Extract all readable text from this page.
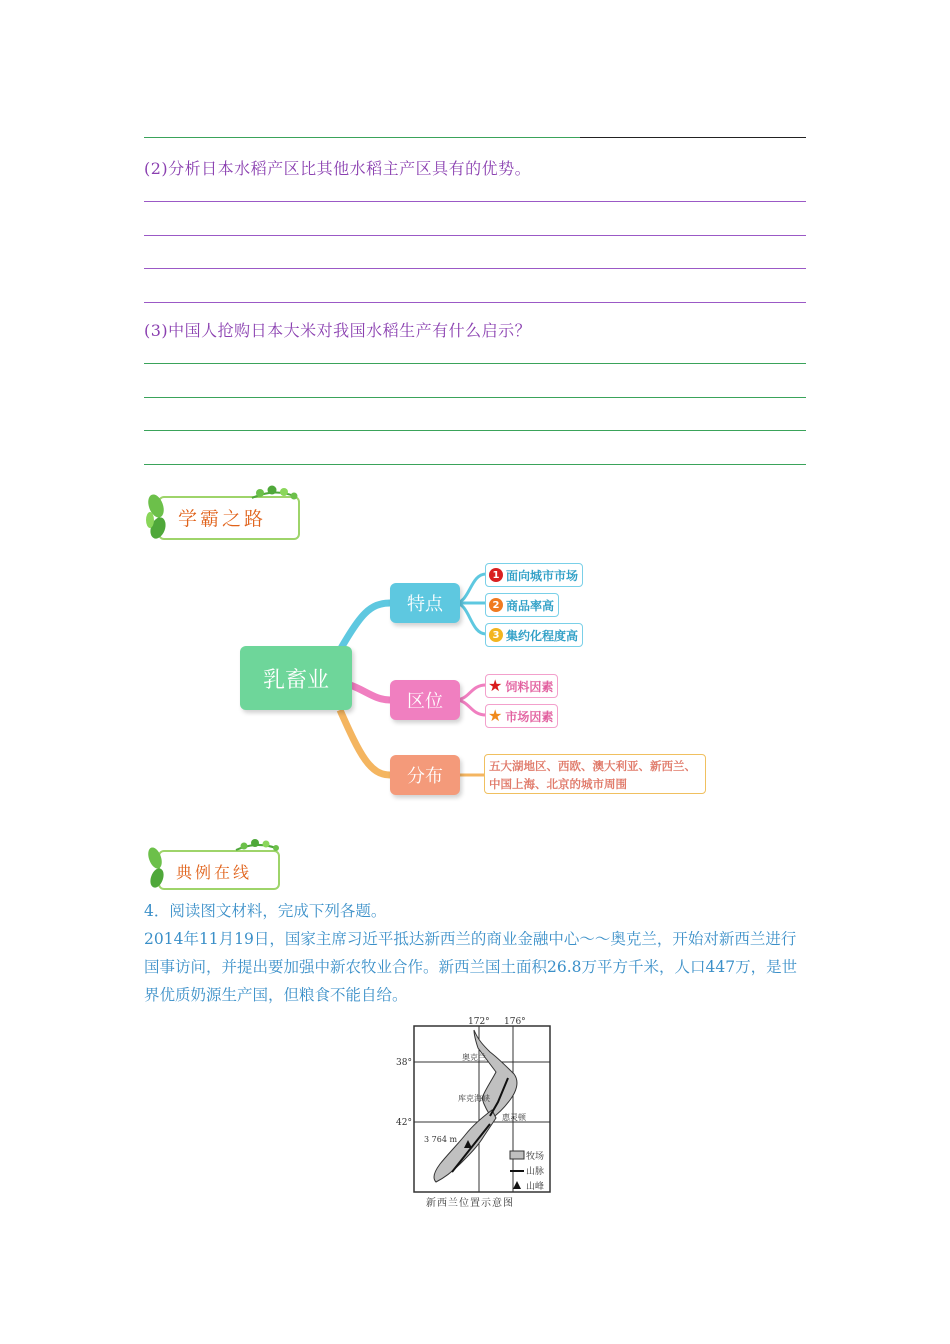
(2)分析日本水稻产区比其他水稻主产区具有的优势。
(3)中国人抢购日本大米对我国水稻生产有什么启示？
学霸之路
乳畜业
特点
区位
分布
1 面向城市市场
2 商品率高
3 集约化程度高
★ 饲料因素
★ 市场因素
五大湖地区、西欧、澳大利亚、新西兰、
中国上海、北京的城市周围
典例在线
4．阅读图文材料，完成下列各题。
2014年11月19日，国家主席习近平抵达新西兰的商业金融中心～～奥克兰，开始对新西兰进行国事访问，并提出要加强中新农牧业合作。新西兰国土面积26.8万平方千米，人口447万，是世界优质奶源生产国，但粮食不能自给。
172° 176°
38°
42°
奥克兰
库克海峡
惠灵顿
3 764 m
牧场
山脉
山峰
新西兰位置示意图
